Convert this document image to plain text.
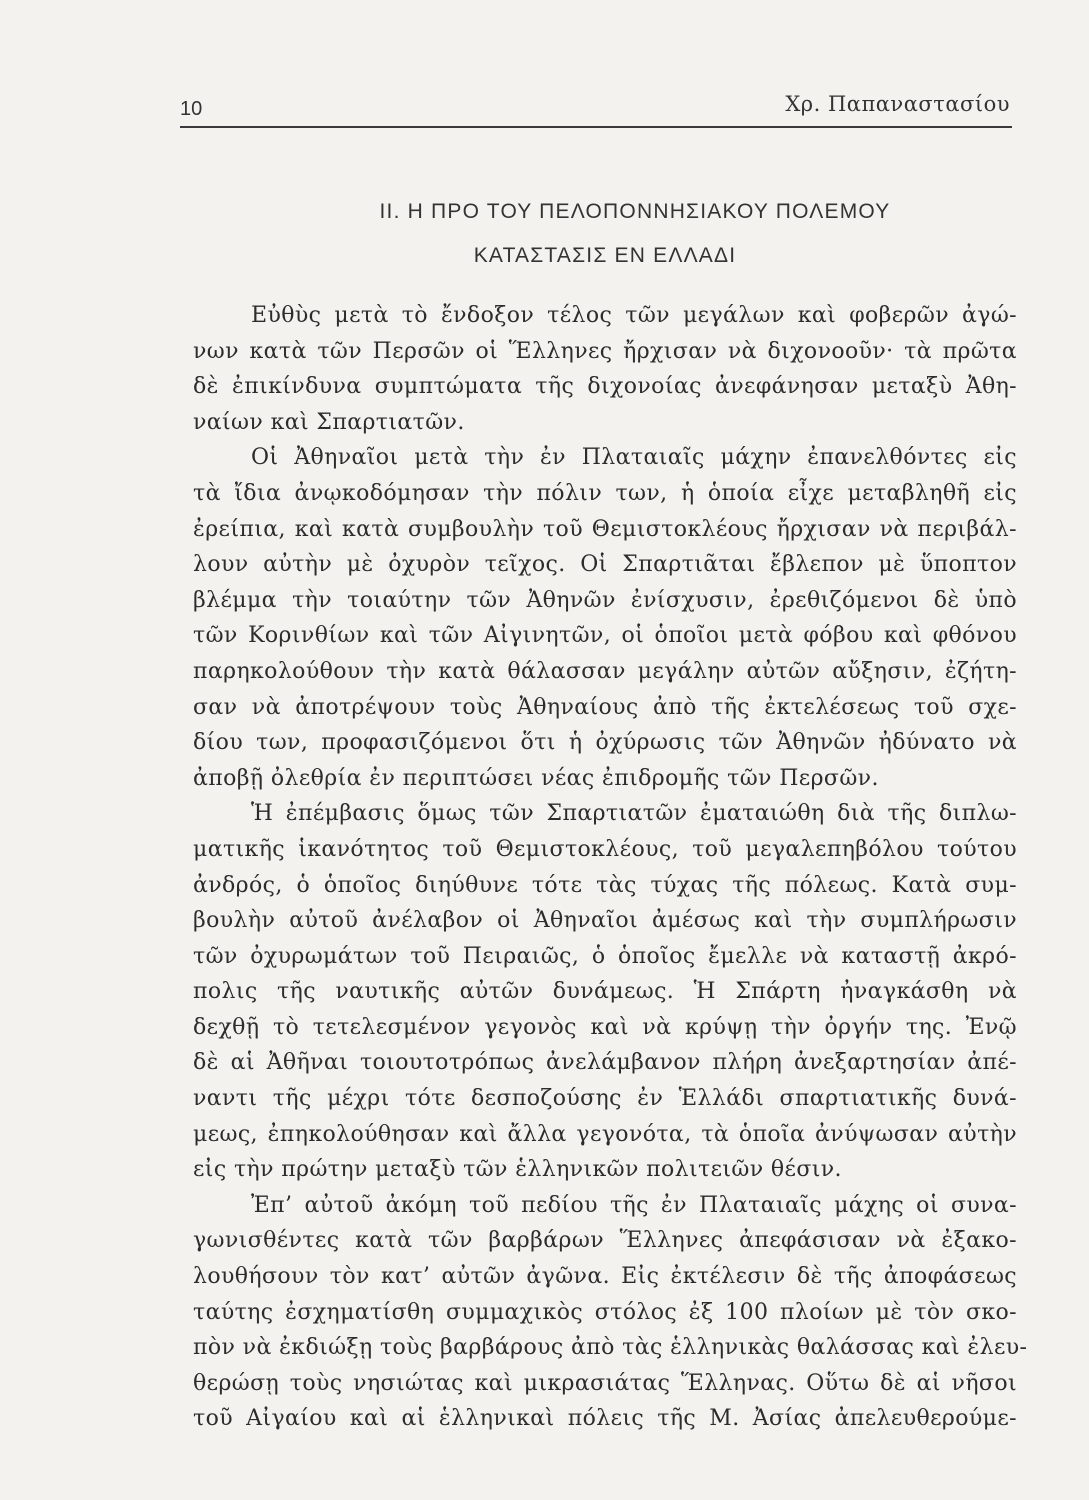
10	Χρ. Παπαναστασίου
ΙΙ. Η ΠΡΟ ΤΟΥ ΠΕΛΟΠΟΝΝΗΣΙΑΚΟΥ ΠΟΛΕΜΟΥ
ΚΑΤΑΣΤΑΣΙΣ ΕΝ ΕΛΛΑΔΙ
Εὐθὺς μετὰ τὸ ἔνδοξον τέλος τῶν μεγάλων καὶ φοβερῶν ἀγώ-
νων κατὰ τῶν Περσῶν οἱ Ἕλληνες ἤρχισαν νὰ διχονοοῦν· τὰ πρῶτα
δὲ ἐπικίνδυνα συμπτώματα τῆς διχονοίας ἀνεφάνησαν μεταξὺ Ἀθη-
ναίων καὶ Σπαρτιατῶν.
Οἱ Ἀθηναῖοι μετὰ τὴν ἐν Πλαταιαῖς μάχην ἐπανελθόντες εἰς
τὰ ἴδια ἀνῳκοδόμησαν τὴν πόλιν των, ἡ ὁποία εἶχε μεταβληθῆ εἰς
ἐρείπια, καὶ κατὰ συμβουλὴν τοῦ Θεμιστοκλέους ἤρχισαν νὰ περιβάλ-
λουν αὐτὴν μὲ ὀχυρὸν τεῖχος. Οἱ Σπαρτιᾶται ἔβλεπον μὲ ὕποπτον
βλέμμα τὴν τοιαύτην τῶν Ἀθηνῶν ἐνίσχυσιν, ἐρεθιζόμενοι δὲ ὑπὸ
τῶν Κορινθίων καὶ τῶν Αἰγινητῶν, οἱ ὁποῖοι μετὰ φόβου καὶ φθόνου
παρηκολούθουν τὴν κατὰ θάλασσαν μεγάλην αὐτῶν αὔξησιν, ἐζήτη-
σαν νὰ ἀποτρέψουν τοὺς Ἀθηναίους ἀπὸ τῆς ἐκτελέσεως τοῦ σχε-
δίου των, προφασιζόμενοι ὅτι ἡ ὀχύρωσις τῶν Ἀθηνῶν ἠδύνατο νὰ
ἀποβῇ ὀλεθρία ἐν περιπτώσει νέας ἐπιδρομῆς τῶν Περσῶν.
Ἡ ἐπέμβασις ὅμως τῶν Σπαρτιατῶν ἐματαιώθη διὰ τῆς διπλω-
ματικῆς ἱκανότητος τοῦ Θεμιστοκλέους, τοῦ μεγαλεπηβόλου τούτου
ἀνδρός, ὁ ὁποῖος διηύθυνε τότε τὰς τύχας τῆς πόλεως. Κατὰ συμ-
βουλὴν αὐτοῦ ἀνέλαβον οἱ Ἀθηναῖοι ἀμέσως καὶ τὴν συμπλήρωσιν
τῶν ὀχυρωμάτων τοῦ Πειραιῶς, ὁ ὁποῖος ἔμελλε νὰ καταστῇ ἀκρό-
πολις τῆς ναυτικῆς αὐτῶν δυνάμεως. Ἡ Σπάρτη ἠναγκάσθη νὰ
δεχθῇ τὸ τετελεσμένον γεγονὸς καὶ νὰ κρύψῃ τὴν ὀργήν της. Ἐνῷ
δὲ αἱ Ἀθῆναι τοιουτοτρόπως ἀνελάμβανον πλήρη ἀνεξαρτησίαν ἀπέ-
ναντι τῆς μέχρι τότε δεσποζούσης ἐν Ἑλλάδι σπαρτιατικῆς δυνά-
μεως, ἐπηκολούθησαν καὶ ἄλλα γεγονότα, τὰ ὁποῖα ἀνύψωσαν αὐτὴν
εἰς τὴν πρώτην μεταξὺ τῶν ἑλληνικῶν πολιτειῶν θέσιν.
Ἐπ’ αὐτοῦ ἀκόμη τοῦ πεδίου τῆς ἐν Πλαταιαῖς μάχης οἱ συνα-
γωνισθέντες κατὰ τῶν βαρβάρων Ἕλληνες ἀπεφάσισαν νὰ ἐξακο-
λουθήσουν τὸν κατ’ αὐτῶν ἀγῶνα. Εἰς ἐκτέλεσιν δὲ τῆς ἀποφάσεως
ταύτης ἐσχηματίσθη συμμαχικὸς στόλος ἐξ 100 πλοίων μὲ τὸν σκο-
πὸν νὰ ἐκδιώξῃ τοὺς βαρβάρους ἀπὸ τὰς ἑλληνικὰς θαλάσσας καὶ ἐλευ-
θερώσῃ τοὺς νησιώτας καὶ μικρασιάτας Ἕλληνας. Οὕτω δὲ αἱ νῆσοι
τοῦ Αἰγαίου καὶ αἱ ἑλληνικαὶ πόλεις τῆς Μ. Ἀσίας ἀπελευθερούμε-
